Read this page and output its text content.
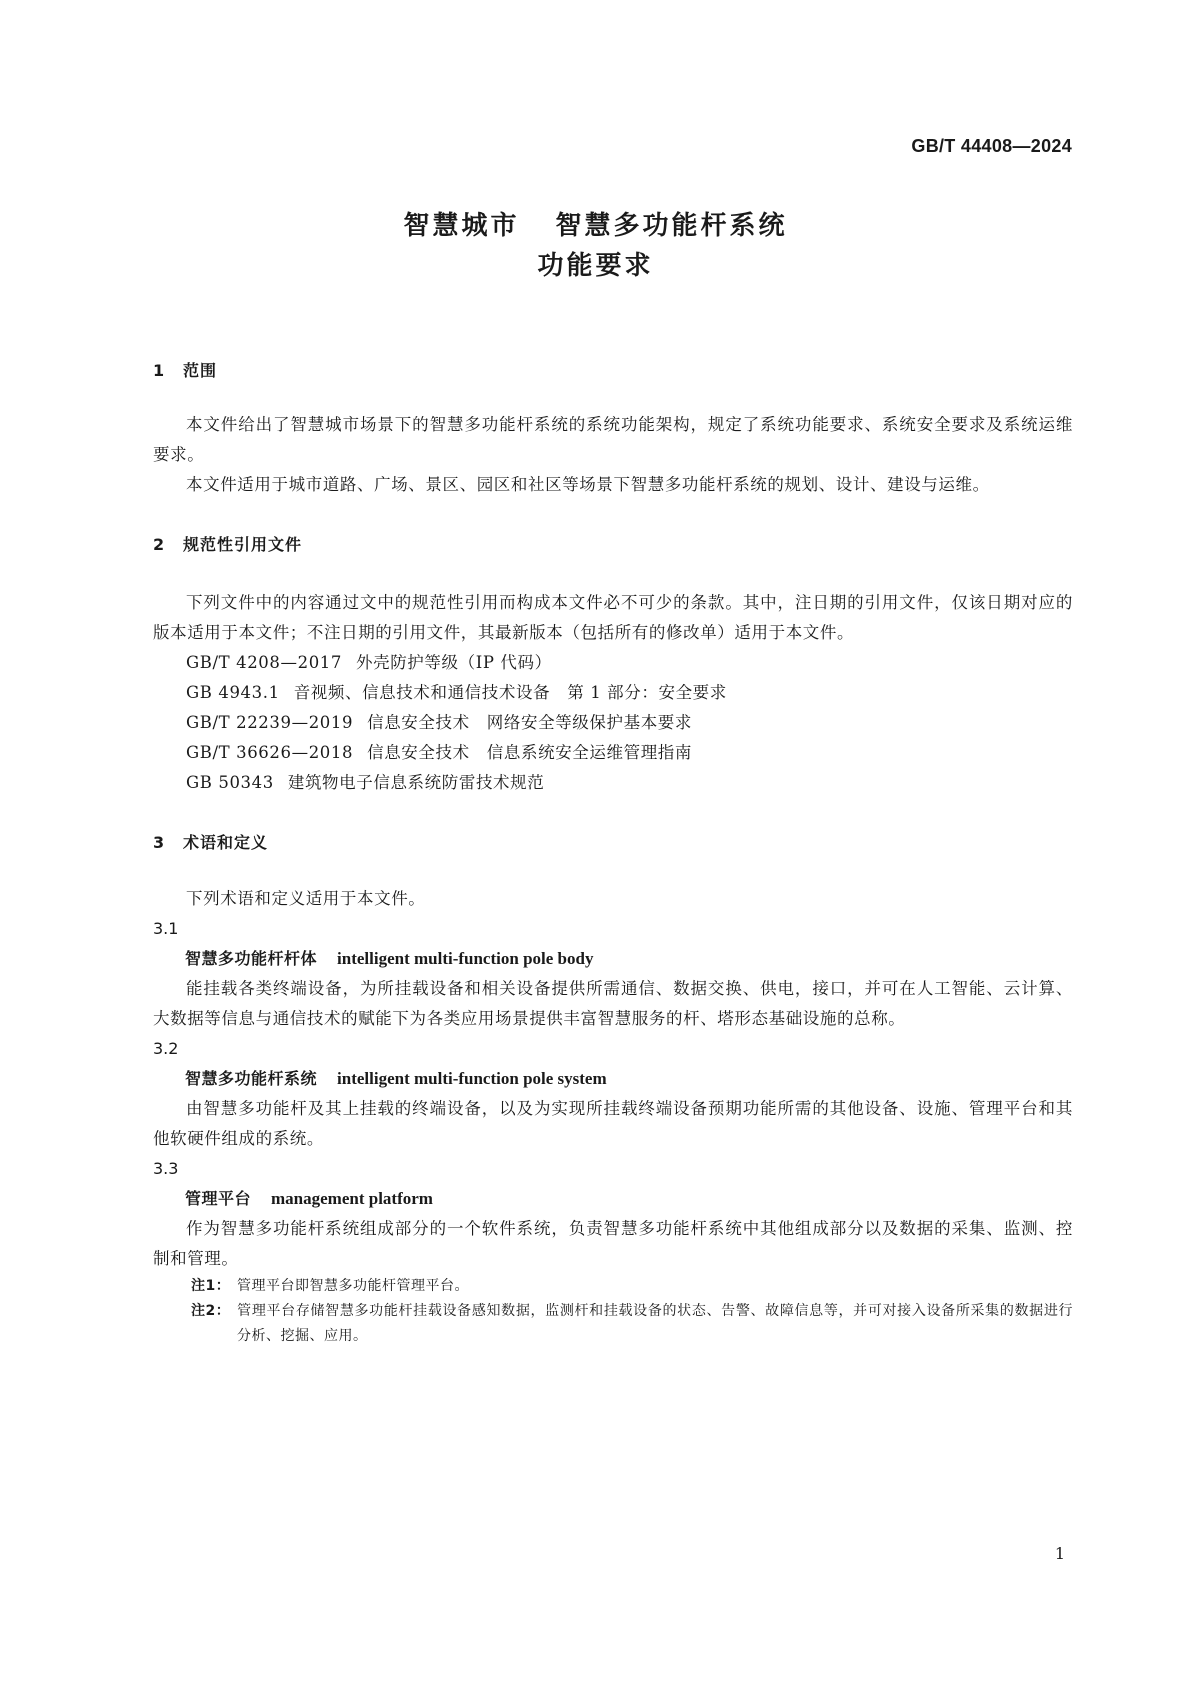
GB/T 44408—2024
智慧城市 智慧多功能杆系统
功能要求
1 范围

本文件给出了智慧城市场景下的智慧多功能杆系统的系统功能架构，规定了系统功能要求、系统安全要求及系统运维要求。

本文件适用于城市道路、广场、景区、园区和社区等场景下智慧多功能杆系统的规划、设计、建设与运维。

2 规范性引用文件

下列文件中的内容通过文中的规范性引用而构成本文件必不可少的条款。其中，注日期的引用文件，仅该日期对应的版本适用于本文件；不注日期的引用文件，其最新版本（包括所有的修改单）适用于本文件。

GB/T 4208—2017 外壳防护等级（IP 代码）
GB 4943.1 音视频、信息技术和通信技术设备　第 1 部分：安全要求
GB/T 22239—2019 信息安全技术　网络安全等级保护基本要求
GB/T 36626—2018 信息安全技术　信息系统安全运维管理指南
GB 50343 建筑物电子信息系统防雷技术规范
3 术语和定义

下列术语和定义适用于本文件。

3.1
智慧多功能杆杆体 intelligent multi-function pole body

能挂载各类终端设备，为所挂载设备和相关设备提供所需通信、数据交换、供电，接口，并可在人工智能、云计算、大数据等信息与通信技术的赋能下为各类应用场景提供丰富智慧服务的杆、塔形态基础设施的总称。

3.2
智慧多功能杆系统 intelligent multi-function pole system

由智慧多功能杆及其上挂载的终端设备，以及为实现所挂载终端设备预期功能所需的其他设备、设施、管理平台和其他软硬件组成的系统。

3.3
管理平台 management platform

作为智慧多功能杆系统组成部分的一个软件系统，负责智慧多功能杆系统中其他组成部分以及数据的采集、监测、控制和管理。

注1： 管理平台即智慧多功能杆管理平台。
注2： 管理平台存储智慧多功能杆挂载设备感知数据，监测杆和挂载设备的状态、告警、故障信息等，并可对接入设备所采集的数据进行分析、挖掘、应用。
1
